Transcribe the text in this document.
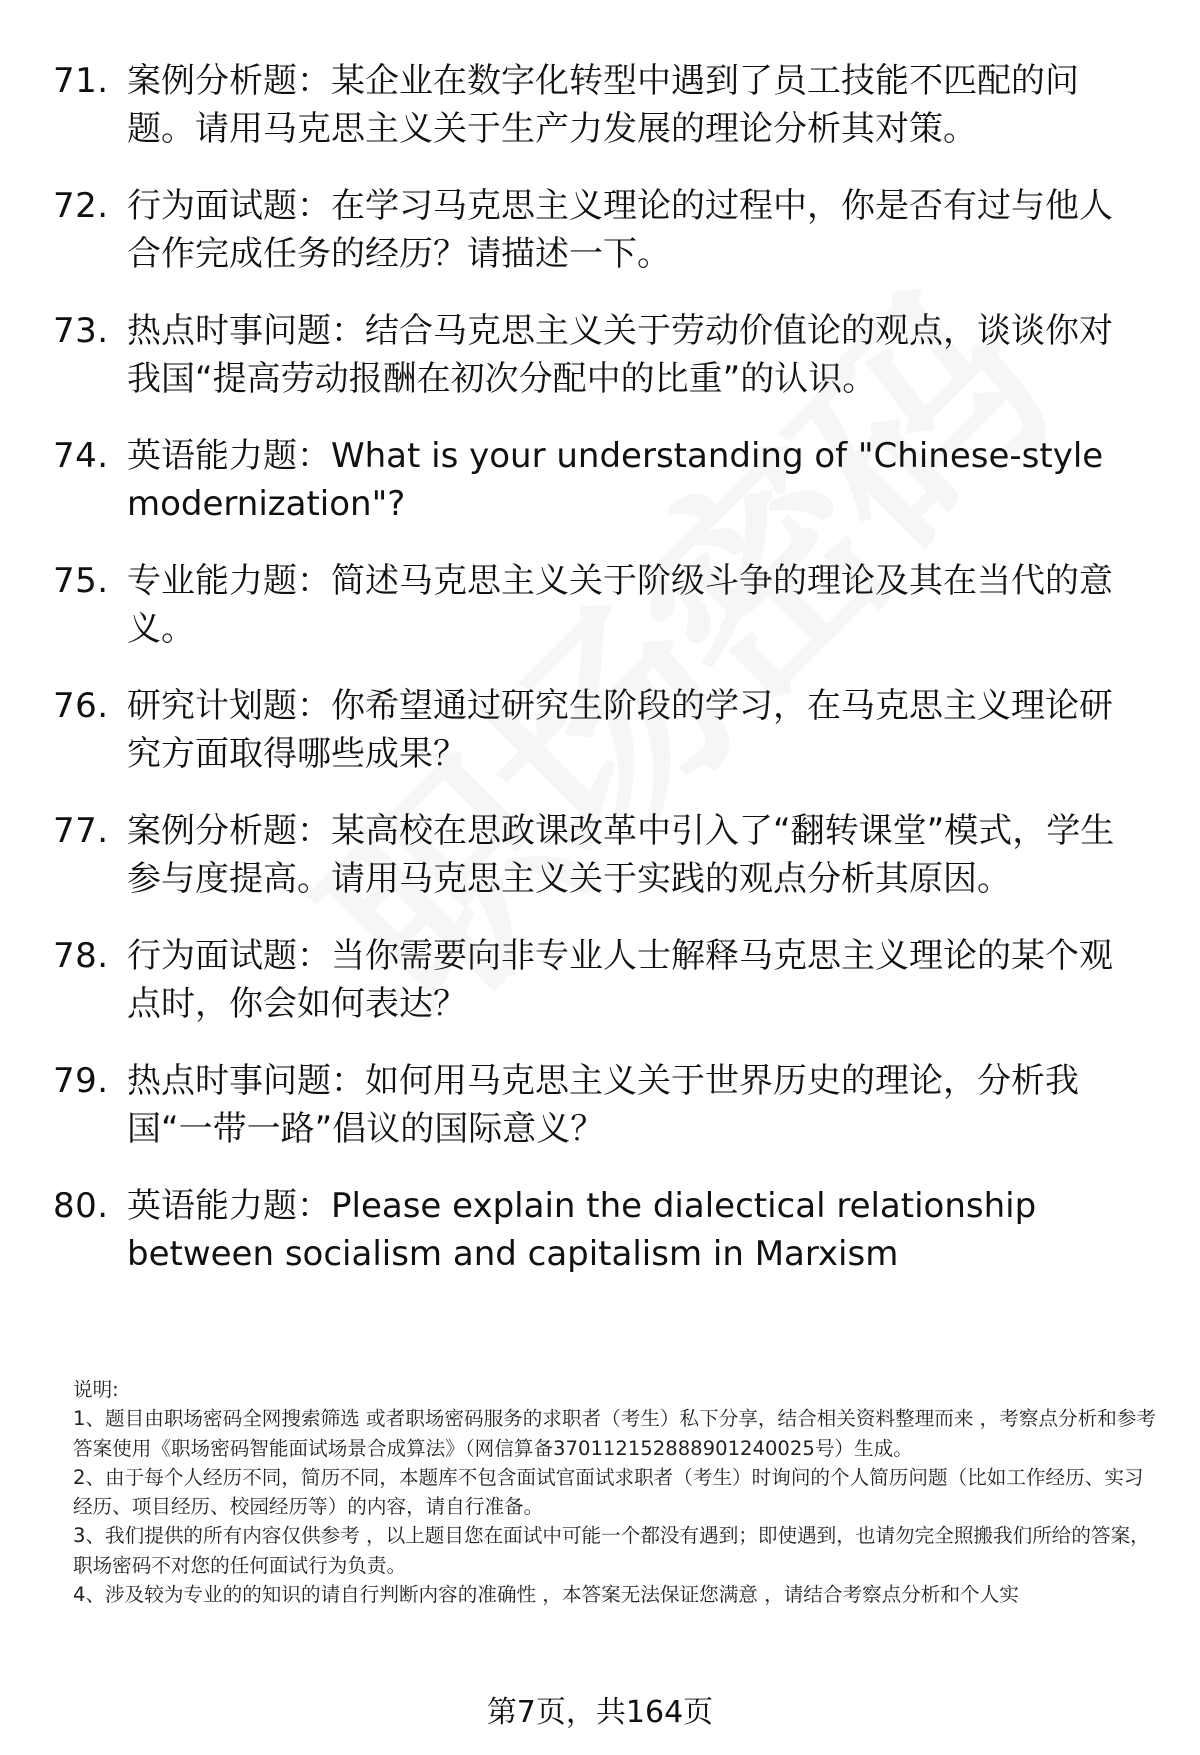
71. 案例分析题：某企业在数字化转型中遇到了员工技能不匹配的问题。请用马克思主义关于生产力发展的理论分析其对策。
72. 行为面试题：在学习马克思主义理论的过程中，你是否有过与他人合作完成任务的经历？请描述一下。
73. 热点时事问题：结合马克思主义关于劳动价值论的观点，谈谈你对我国“提高劳动报酬在初次分配中的比重”的认识。
74. 英语能力题：What is your understanding of "Chinese-style modernization"?
75. 专业能力题：简述马克思主义关于阶级斗争的理论及其在当代的意义。
76. 研究计划题：你希望通过研究生阶段的学习，在马克思主义理论研究方面取得哪些成果？
77. 案例分析题：某高校在思政课改革中引入了“翻转课堂”模式，学生参与度提高。请用马克思主义关于实践的观点分析其原因。
78. 行为面试题：当你需要向非专业人士解释马克思主义理论的某个观点时，你会如何表达？
79. 热点时事问题：如何用马克思主义关于世界历史的理论，分析我国“一带一路”倡议的国际意义？
80. 英语能力题：Please explain the dialectical relationship between socialism and capitalism in Marxism

说明:

1、题目由职场密码全网搜索筛选 或者职场密码服务的求职者（考生）私下分享，结合相关资料整理而来 ，考察点分析和参考答案使用《职场密码智能面试场景合成算法》（网信算备370112152888901240025号）生成。

2、由于每个人经历不同，简历不同，本题库不包含面试官面试求职者（考生）时询问的个人简历问题（比如工作经历、实习经历、项目经历、校园经历等）的内容，请自行准备。

3、我们提供的所有内容仅供参考 ，以上题目您在面试中可能一个都没有遇到；即使遇到，也请勿完全照搬我们所给的答案，职场密码不对您的任何面试行为负责。

4、涉及较为专业的的知识的请自行判断内容的准确性 ，本答案无法保证您满意 ，请结合考察点分析和个人实

第7页，共164页
